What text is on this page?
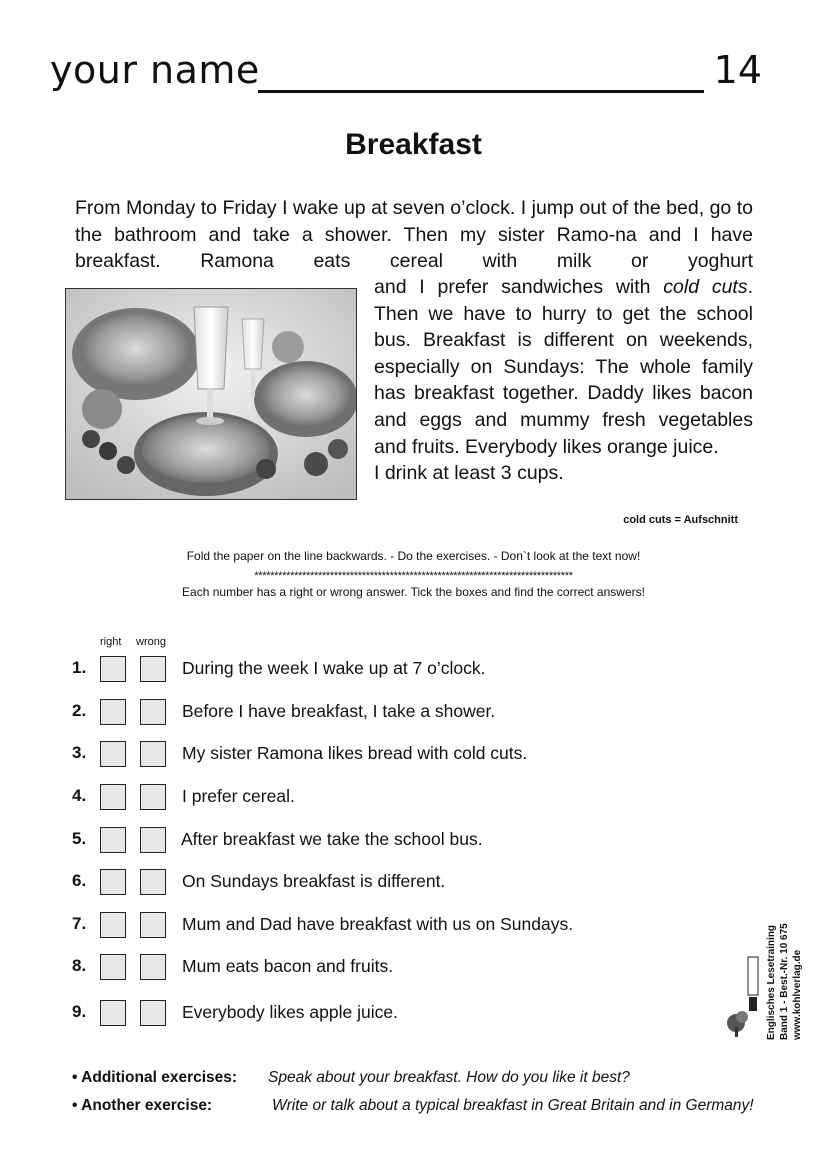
your name	14
Breakfast
From Monday to Friday I wake up at seven o’clock. I jump out of the bed, go to the bathroom and take a shower. Then my sister Ramo-na and I have breakfast. Ramona eats cereal with milk or yoghurt
and I prefer sandwiches with cold cuts. Then we have to hurry to get the school bus. Breakfast is different on weekends, especially on Sundays: The whole family has breakfast together. Daddy likes bacon and eggs and mummy fresh vegetables and fruits. Everybody likes orange juice.
I drink at least 3 cups.
cold cuts = Aufschnitt
Fold the paper on the line backwards. - Do the exercises. - Don`t look at the text now!
********************************************************************************
Each number has a right or wrong answer. Tick the boxes and find the correct answers!
right wrong
1.	During the week I wake up at 7 o’clock.
2.	Before I have breakfast, I take a shower.
3.	My sister Ramona likes bread with cold cuts.
4.	I prefer cereal.
5.	After breakfast we take the school bus.
6.	On Sundays breakfast is different.
7.	Mum and Dad have breakfast with us on Sundays.
8.	Mum eats bacon and fruits.
9.	Everybody likes apple juice.	Englisches Lesetraining Band 1 - Best.-Nr. 10 675 www.kohlverlag.de
• Additional exercises: Speak about your breakfast. How do you like it best?
• Another exercise:	Write or talk about a typical breakfast in Great Britain and in Germany!
